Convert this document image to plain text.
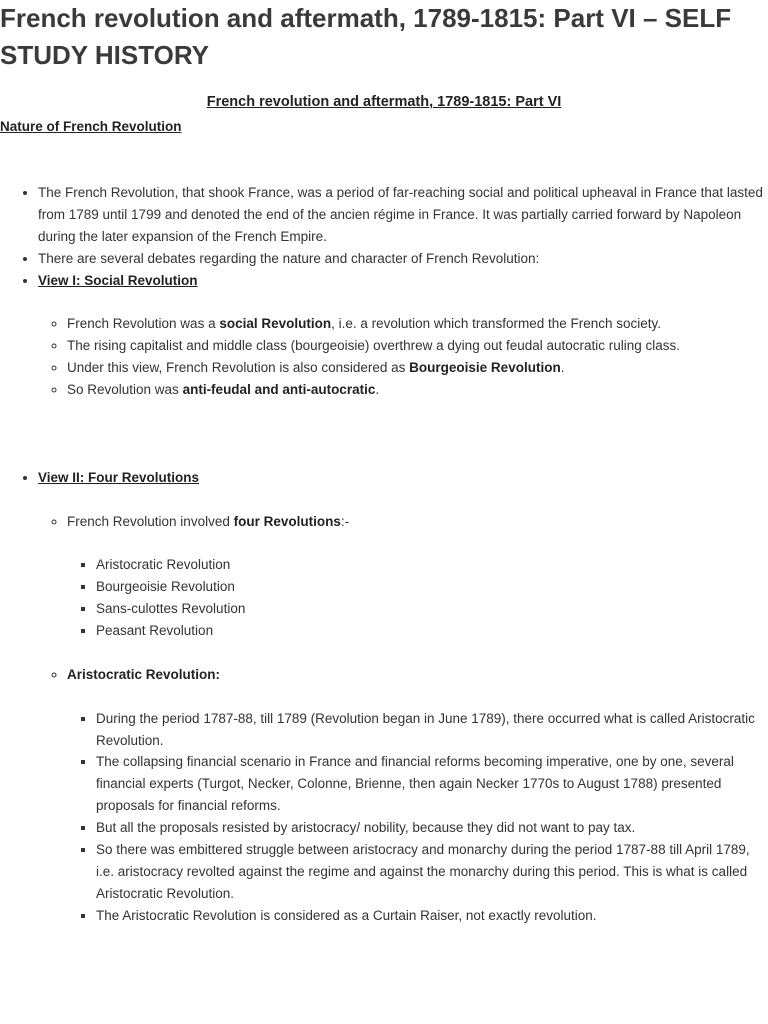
French revolution and aftermath, 1789-1815: Part VI – SELF STUDY HISTORY
French revolution and aftermath, 1789-1815: Part VI
Nature of French Revolution
• The French Revolution, that shook France, was a period of far-reaching social and political upheaval in France that lasted from 1789 until 1799 and denoted the end of the ancien régime in France. It was partially carried forward by Napoleon during the later expansion of the French Empire.
• There are several debates regarding the nature and character of French Revolution:
• View I: Social Revolution
◦ French Revolution was a social Revolution, i.e. a revolution which transformed the French society.
◦ The rising capitalist and middle class (bourgeoisie) overthrew a dying out feudal autocratic ruling class.
◦ Under this view, French Revolution is also considered as Bourgeoisie Revolution.
◦ So Revolution was anti-feudal and anti-autocratic.
• View II: Four Revolutions
◦ French Revolution involved four Revolutions:-
▪ Aristocratic Revolution
▪ Bourgeoisie Revolution
▪ Sans-culottes Revolution
▪ Peasant Revolution
◦ Aristocratic Revolution:
▪ During the period 1787-88, till 1789 (Revolution began in June 1789), there occurred what is called Aristocratic Revolution.
▪ The collapsing financial scenario in France and financial reforms becoming imperative, one by one, several financial experts (Turgot, Necker, Colonne, Brienne, then again Necker 1770s to August 1788) presented proposals for financial reforms.
▪ But all the proposals resisted by aristocracy/ nobility, because they did not want to pay tax.
▪ So there was embittered struggle between aristocracy and monarchy during the period 1787-88 till April 1789, i.e. aristocracy revolted against the regime and against the monarchy during this period. This is what is called Aristocratic Revolution.
▪ The Aristocratic Revolution is considered as a Curtain Raiser, not exactly revolution.
